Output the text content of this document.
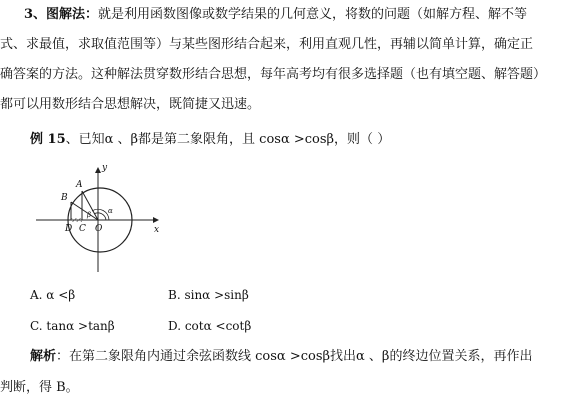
3、图解法：就是利用函数图像或数学结果的几何意义，将数的问题（如解方程、解不等
式、求最值，求取值范围等）与某些图形结合起来，利用直观几性，再辅以简单计算，确定正
确答案的方法。这种解法贯穿数形结合思想，每年高考均有很多选择题（也有填空题、解答题）
都可以用数形结合思想解决，既简捷又迅速。
例 15、已知α 、β都是第二象限角，且 cosα >cosβ，则（ ）
y
x
A
B
D C O
β α
A. α <β	B. sinα >sinβ
C. tanα >tanβ	D. cotα <cotβ
解析：在第二象限角内通过余弦函数线 cosα >cosβ找出α 、β的终边位置关系，再作出
判断，得 B。
